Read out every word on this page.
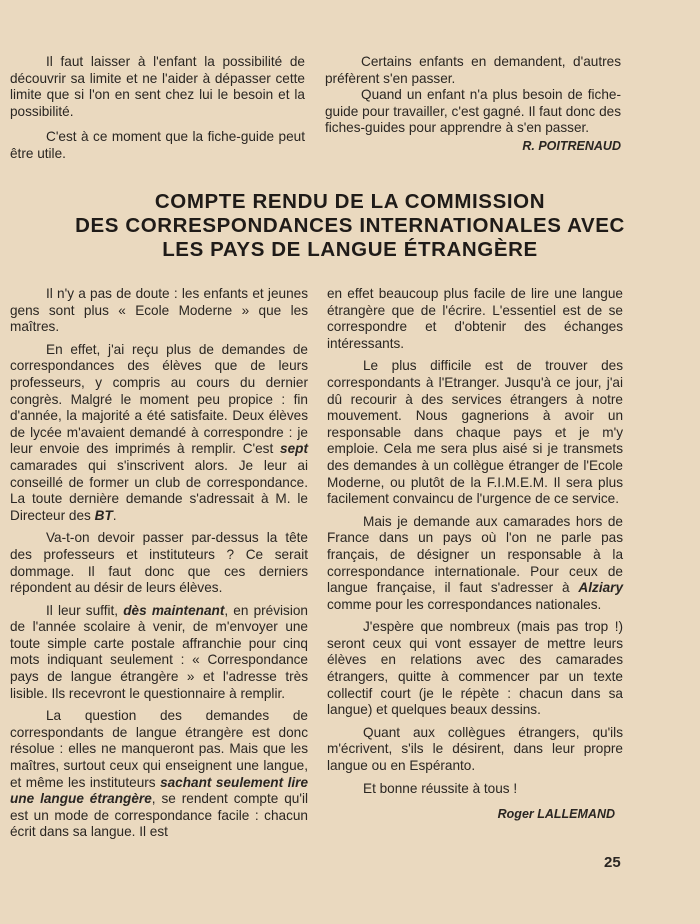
Il faut laisser à l'enfant la possibilité de découvrir sa limite et ne l'aider à dépasser cette limite que si l'on en sent chez lui le besoin et la possibilité.

C'est à ce moment que la fiche-guide peut être utile.

Certains enfants en demandent, d'autres préfèrent s'en passer.

Quand un enfant n'a plus besoin de fiche-guide pour travailler, c'est gagné. Il faut donc des fiches-guides pour apprendre à s'en passer.

R. POITRENAUD

COMPTE RENDU DE LA COMMISSION
DES CORRESPONDANCES INTERNATIONALES AVEC
LES PAYS DE LANGUE ÉTRANGÈRE

Il n'y a pas de doute : les enfants et jeunes gens sont plus « Ecole Moderne » que les maîtres.

En effet, j'ai reçu plus de demandes de correspondances des élèves que de leurs professeurs, y compris au cours du dernier congrès. Malgré le moment peu propice : fin d'année, la majorité a été satisfaite. Deux élèves de lycée m'avaient demandé à correspondre : je leur envoie des imprimés à remplir. C'est sept camarades qui s'inscrivent alors. Je leur ai conseillé de former un club de correspondance. La toute dernière demande s'adressait à M. le Directeur des BT.

Va-t-on devoir passer par-dessus la tête des professeurs et instituteurs ? Ce serait dommage. Il faut donc que ces derniers répondent au désir de leurs élèves.

Il leur suffit, dès maintenant, en prévision de l'année scolaire à venir, de m'envoyer une toute simple carte postale affranchie pour cinq mots indiquant seulement : « Correspondance pays de langue étrangère » et l'adresse très lisible. Ils recevront le questionnaire à remplir.

La question des demandes de correspondants de langue étrangère est donc résolue : elles ne manqueront pas. Mais que les maîtres, surtout ceux qui enseignent une langue, et même les instituteurs sachant seulement lire une langue étrangère, se rendent compte qu'il est un mode de correspondance facile : chacun écrit dans sa langue. Il est

en effet beaucoup plus facile de lire une langue étrangère que de l'écrire. L'essentiel est de se correspondre et d'obtenir des échanges intéressants.

Le plus difficile est de trouver des correspondants à l'Etranger. Jusqu'à ce jour, j'ai dû recourir à des services étrangers à notre mouvement. Nous gagnerions à avoir un responsable dans chaque pays et je m'y emploie. Cela me sera plus aisé si je transmets des demandes à un collègue étranger de l'Ecole Moderne, ou plutôt de la F.I.M.E.M. Il sera plus facilement convaincu de l'urgence de ce service.

Mais je demande aux camarades hors de France dans un pays où l'on ne parle pas français, de désigner un responsable à la correspondance internationale. Pour ceux de langue française, il faut s'adresser à Alziary comme pour les correspondances nationales.

J'espère que nombreux (mais pas trop !) seront ceux qui vont essayer de mettre leurs élèves en relations avec des camarades étrangers, quitte à commencer par un texte collectif court (je le répète : chacun dans sa langue) et quelques beaux dessins.

Quant aux collègues étrangers, qu'ils m'écrivent, s'ils le désirent, dans leur propre langue ou en Espéranto.

Et bonne réussite à tous !

Roger LALLEMAND

25
